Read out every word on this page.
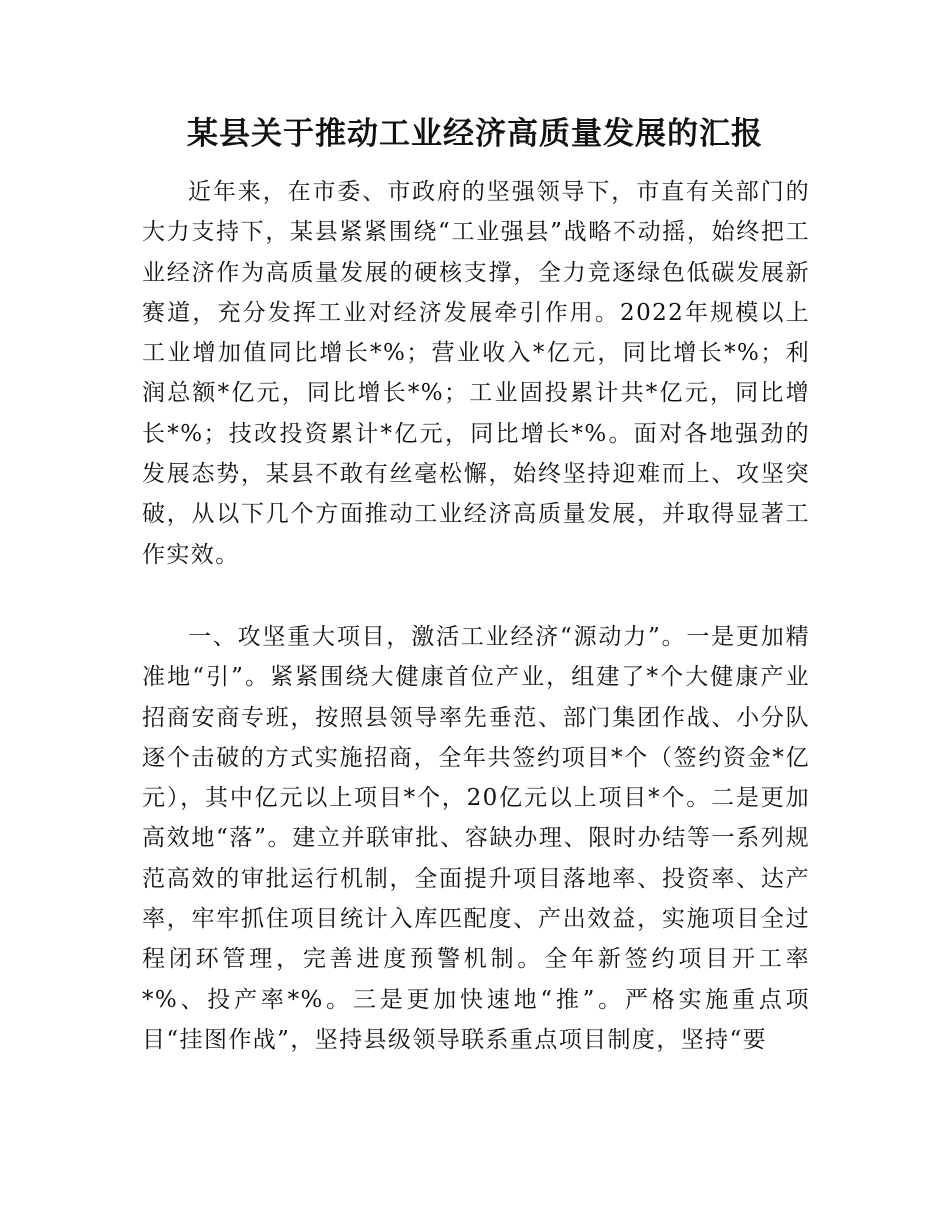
某县关于推动工业经济高质量发展的汇报

近年来，在市委、市政府的坚强领导下，市直有关部门的大力支持下，某县紧紧围绕“工业强县”战略不动摇，始终把工业经济作为高质量发展的硬核支撑，全力竞逐绿色低碳发展新赛道，充分发挥工业对经济发展牵引作用。2022年规模以上工业增加值同比增长*%；营业收入*亿元，同比增长*%；利润总额*亿元，同比增长*%；工业固投累计共*亿元，同比增长*%；技改投资累计*亿元，同比增长*%。面对各地强劲的发展态势，某县不敢有丝毫松懈，始终坚持迎难而上、攻坚突破，从以下几个方面推动工业经济高质量发展，并取得显著工作实效。

一、攻坚重大项目，激活工业经济“源动力”。一是更加精准地“引”。紧紧围绕大健康首位产业，组建了*个大健康产业招商安商专班，按照县领导率先垂范、部门集团作战、小分队逐个击破的方式实施招商，全年共签约项目*个（签约资金*亿元），其中亿元以上项目*个，20亿元以上项目*个。二是更加高效地“落”。建立并联审批、容缺办理、限时办结等一系列规范高效的审批运行机制，全面提升项目落地率、投资率、达产率，牢牢抓住项目统计入库匹配度、产出效益，实施项目全过程闭环管理，完善进度预警机制。全年新签约项目开工率*%、投产率*%。三是更加快速地“推”。严格实施重点项目“挂图作战”，坚持县级领导联系重点项目制度，坚持“要
